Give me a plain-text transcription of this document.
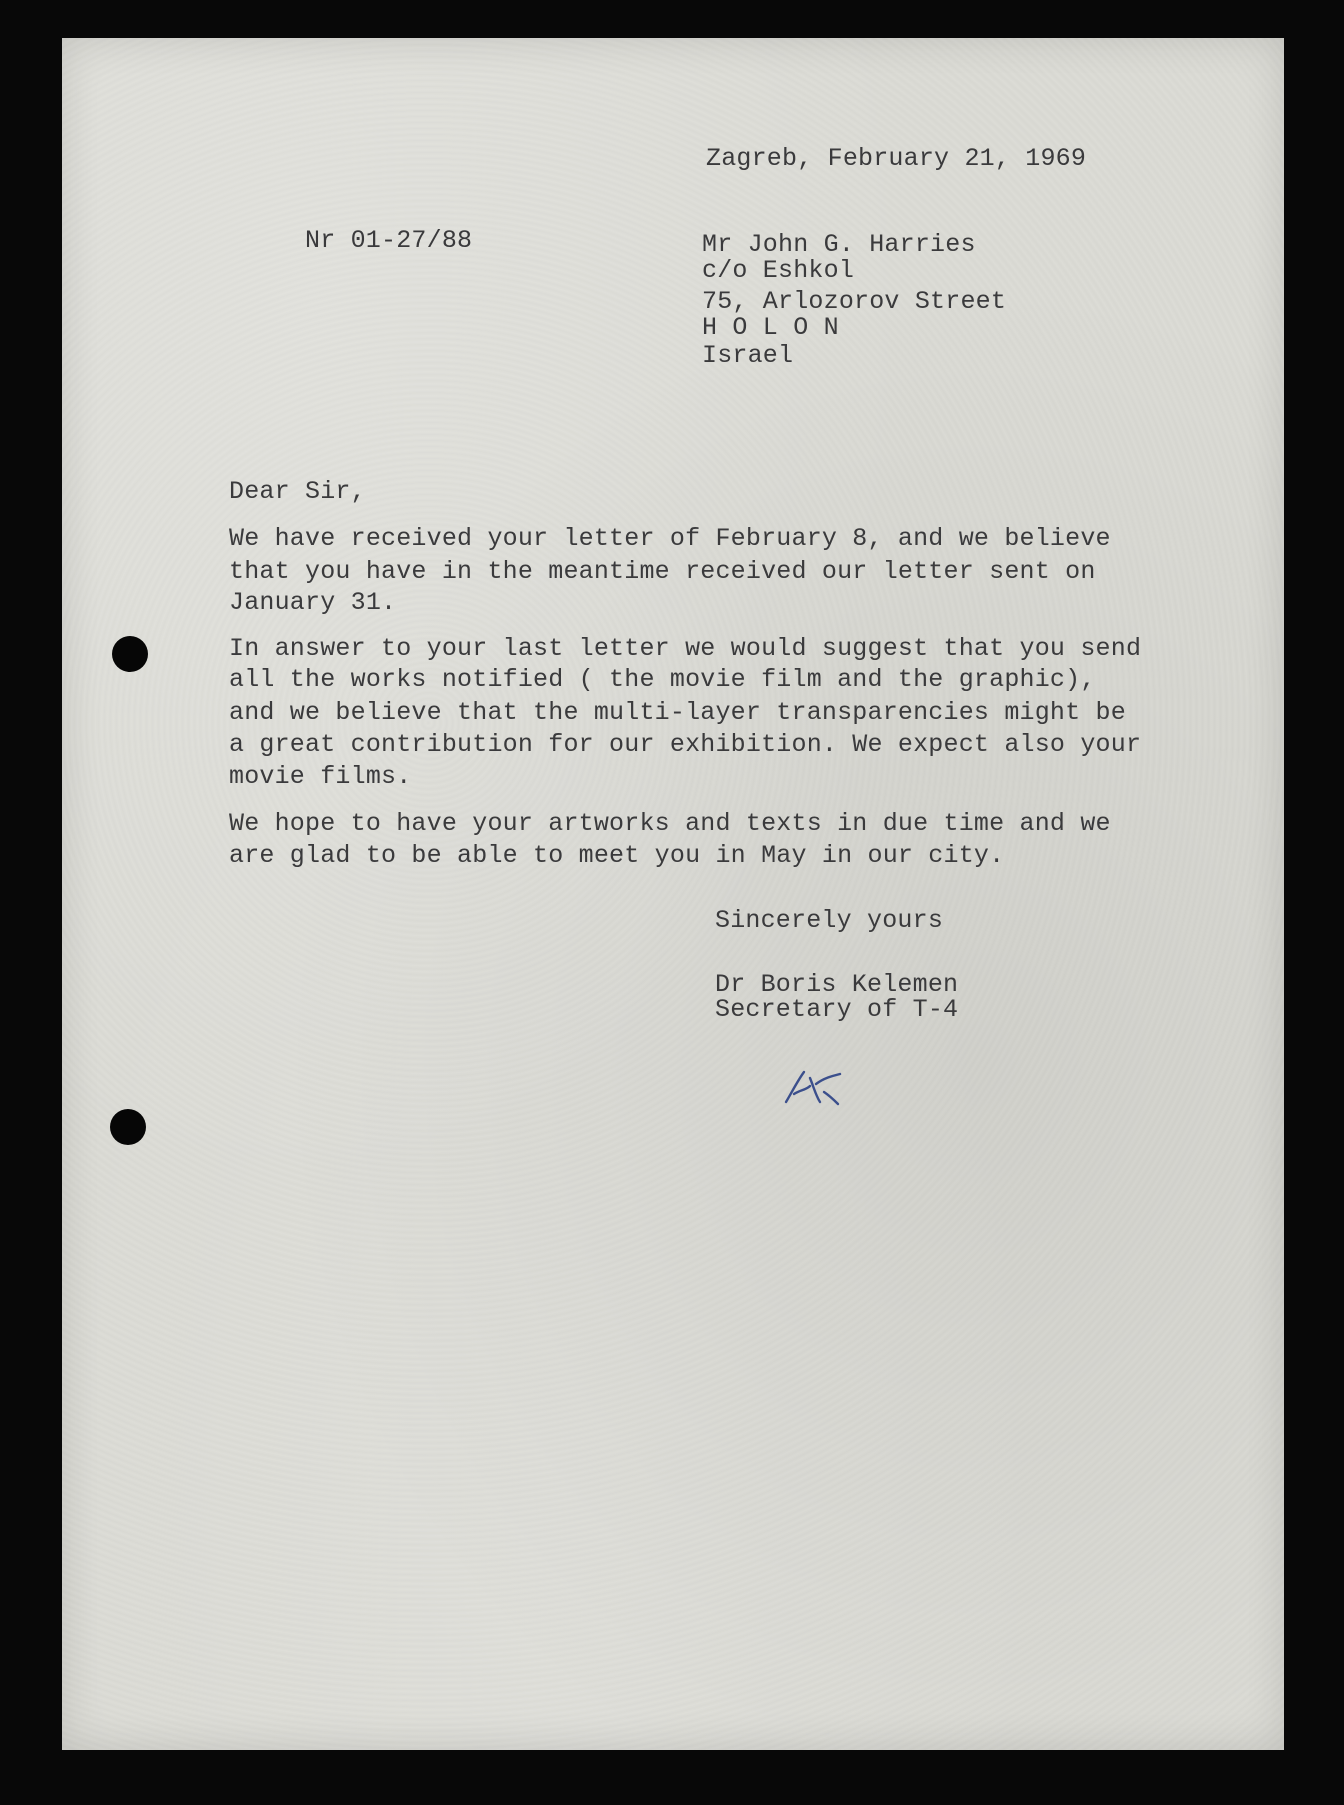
Zagreb, February 21, 1969
Nr 01-27/88	Mr John G. Harries
c/o Eshkol
75, Arlozorov Street
H O L O N
Israel
Dear Sir,
We have received your letter of February 8, and we believe
that you have in the meantime received our letter sent on
January 31.
In answer to your last letter we would suggest that you send
all the works notified ( the movie film and the graphic),
and we believe that the multi-layer transparencies might be
a great contribution for our exhibition. We expect also your
movie films.
We hope to have your artworks and texts in due time and we
are glad to be able to meet you in May in our city.
Sincerely yours
Dr Boris Kelemen
Secretary of T-4
